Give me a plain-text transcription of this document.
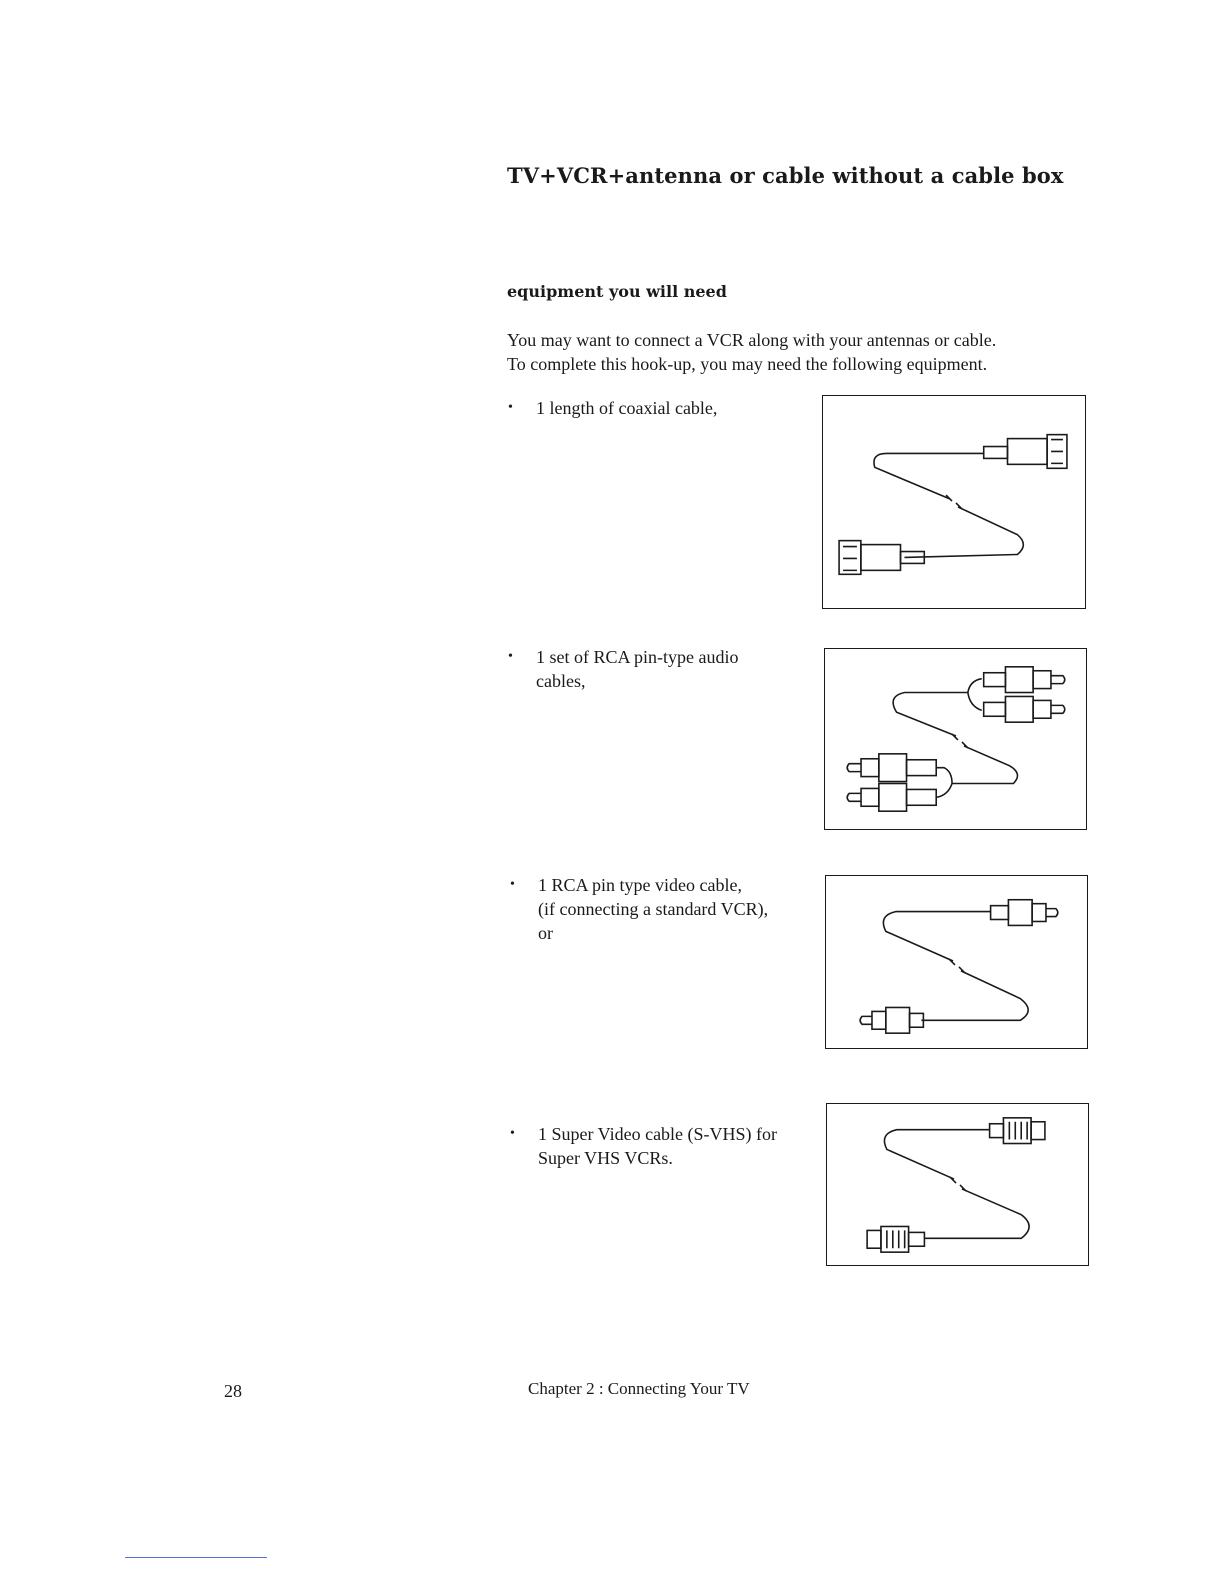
TV+VCR+antenna or cable without a cable box
equipment you will need

You may want to connect a VCR along with your antennas or cable.
To complete this hook-up, you may need the following equipment.

• 1 length of coaxial cable,
• 1 set of RCA pin-type audio
cables,
• 1 RCA pin type video cable,
(if connecting a standard VCR),
or
• 1 Super Video cable (S-VHS) for
Super VHS VCRs.

28	Chapter 2 : Connecting Your TV
